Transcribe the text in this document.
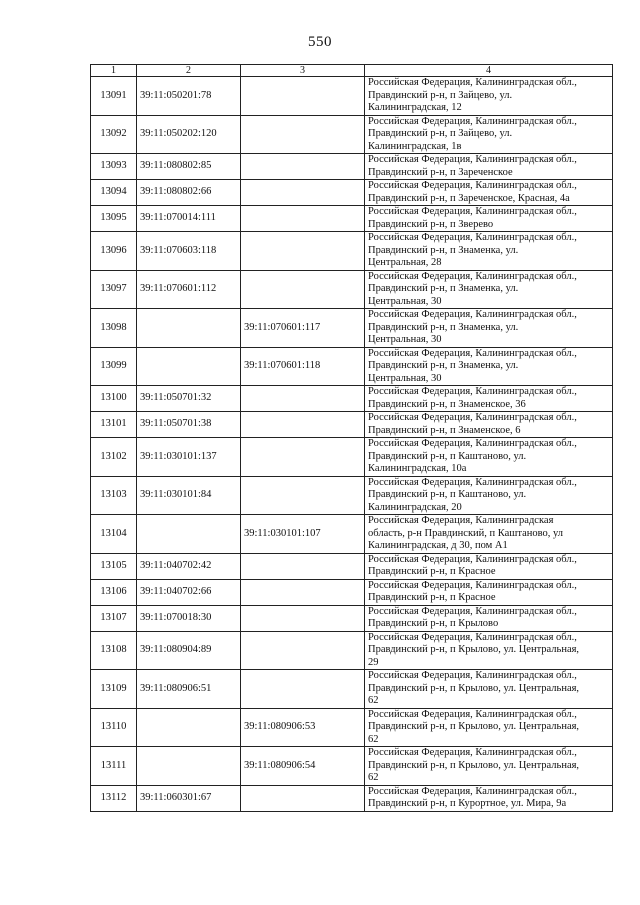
550
1	2	3	4
13091	39:11:050201:78		Российская Федерация, Калининградская обл.,
Правдинский р-н, п Зайцево, ул.
Калининградская, 12

13092	39:11:050202:120		Российская Федерация, Калининградская обл.,
Правдинский р-н, п Зайцево, ул.
Калининградская, 1в

13093	39:11:080802:85		Российская Федерация, Калининградская обл.,
Правдинский р-н, п Зареченское

13094	39:11:080802:66		Российская Федерация, Калининградская обл.,
Правдинский р-н, п Зареченское, Красная, 4а

13095	39:11:070014:111		Российская Федерация, Калининградская обл.,
Правдинский р-н, п Зверево

13096	39:11:070603:118		Российская Федерация, Калининградская обл.,
Правдинский р-н, п Знаменка, ул.
Центральная, 28

13097	39:11:070601:112		Российская Федерация, Калининградская обл.,
Правдинский р-н, п Знаменка, ул.
Центральная, 30

13098		39:11:070601:117	Российская Федерация, Калининградская обл.,
Правдинский р-н, п Знаменка, ул.
Центральная, 30

13099		39:11:070601:118	Российская Федерация, Калининградская обл.,
Правдинский р-н, п Знаменка, ул.
Центральная, 30

13100	39:11:050701:32		Российская Федерация, Калининградская обл.,
Правдинский р-н, п Знаменское, 36

13101	39:11:050701:38		Российская Федерация, Калининградская обл.,
Правдинский р-н, п Знаменское, 6

13102	39:11:030101:137		Российская Федерация, Калининградская обл.,
Правдинский р-н, п Каштаново, ул.
Калининградская, 10а

13103	39:11:030101:84		Российская Федерация, Калининградская обл.,
Правдинский р-н, п Каштаново, ул.
Калининградская, 20

13104		39:11:030101:107	Российская Федерация, Калининградская
область, р-н Правдинский, п Каштаново, ул
Калининградская, д 30, пом А1

13105	39:11:040702:42		Российская Федерация, Калининградская обл.,
Правдинский р-н, п Красное

13106	39:11:040702:66		Российская Федерация, Калининградская обл.,
Правдинский р-н, п Красное

13107	39:11:070018:30		Российская Федерация, Калининградская обл.,
Правдинский р-н, п Крылово

13108	39:11:080904:89		Российская Федерация, Калининградская обл.,
Правдинский р-н, п Крылово, ул. Центральная,
29

13109	39:11:080906:51		Российская Федерация, Калининградская обл.,
Правдинский р-н, п Крылово, ул. Центральная,
62

13110		39:11:080906:53	Российская Федерация, Калининградская обл.,
Правдинский р-н, п Крылово, ул. Центральная,
62

13111		39:11:080906:54	Российская Федерация, Калининградская обл.,
Правдинский р-н, п Крылово, ул. Центральная,
62

13112	39:11:060301:67		Российская Федерация, Калининградская обл.,
Правдинский р-н, п Курортное, ул. Мира, 9а
